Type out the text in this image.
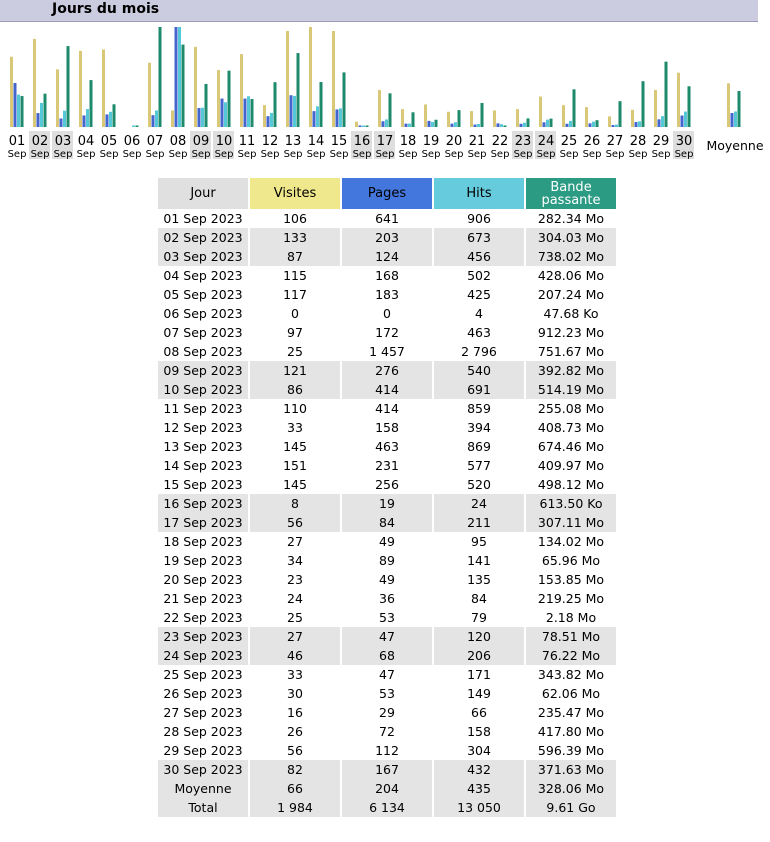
Jours du mois
01
Sep
02
Sep
03
Sep
04
Sep
05
Sep
06
Sep
07
Sep
08
Sep
09
Sep
10
Sep
11
Sep
12
Sep
13
Sep
14
Sep
15
Sep
16
Sep
17
Sep
18
Sep
19
Sep
20
Sep
21
Sep
22
Sep
23
Sep
24
Sep
25
Sep
26
Sep
27
Sep
28
Sep
29
Sep
30
Sep
Moyenne
Jour	Visites	Pages	Hits	Bande passante
01 Sep 2023	106	641	906	282.34 Mo
02 Sep 2023	133	203	673	304.03 Mo
03 Sep 2023	87	124	456	738.02 Mo
04 Sep 2023	115	168	502	428.06 Mo
05 Sep 2023	117	183	425	207.24 Mo
06 Sep 2023	0	0	4	47.68 Ko
07 Sep 2023	97	172	463	912.23 Mo
08 Sep 2023	25	1 457	2 796	751.67 Mo
09 Sep 2023	121	276	540	392.82 Mo
10 Sep 2023	86	414	691	514.19 Mo
11 Sep 2023	110	414	859	255.08 Mo
12 Sep 2023	33	158	394	408.73 Mo
13 Sep 2023	145	463	869	674.46 Mo
14 Sep 2023	151	231	577	409.97 Mo
15 Sep 2023	145	256	520	498.12 Mo
16 Sep 2023	8	19	24	613.50 Ko
17 Sep 2023	56	84	211	307.11 Mo
18 Sep 2023	27	49	95	134.02 Mo
19 Sep 2023	34	89	141	65.96 Mo
20 Sep 2023	23	49	135	153.85 Mo
21 Sep 2023	24	36	84	219.25 Mo
22 Sep 2023	25	53	79	2.18 Mo
23 Sep 2023	27	47	120	78.51 Mo
24 Sep 2023	46	68	206	76.22 Mo
25 Sep 2023	33	47	171	343.82 Mo
26 Sep 2023	30	53	149	62.06 Mo
27 Sep 2023	16	29	66	235.47 Mo
28 Sep 2023	26	72	158	417.80 Mo
29 Sep 2023	56	112	304	596.39 Mo
30 Sep 2023	82	167	432	371.63 Mo
Moyenne	66	204	435	328.06 Mo
Total	1 984	6 134	13 050	9.61 Go
